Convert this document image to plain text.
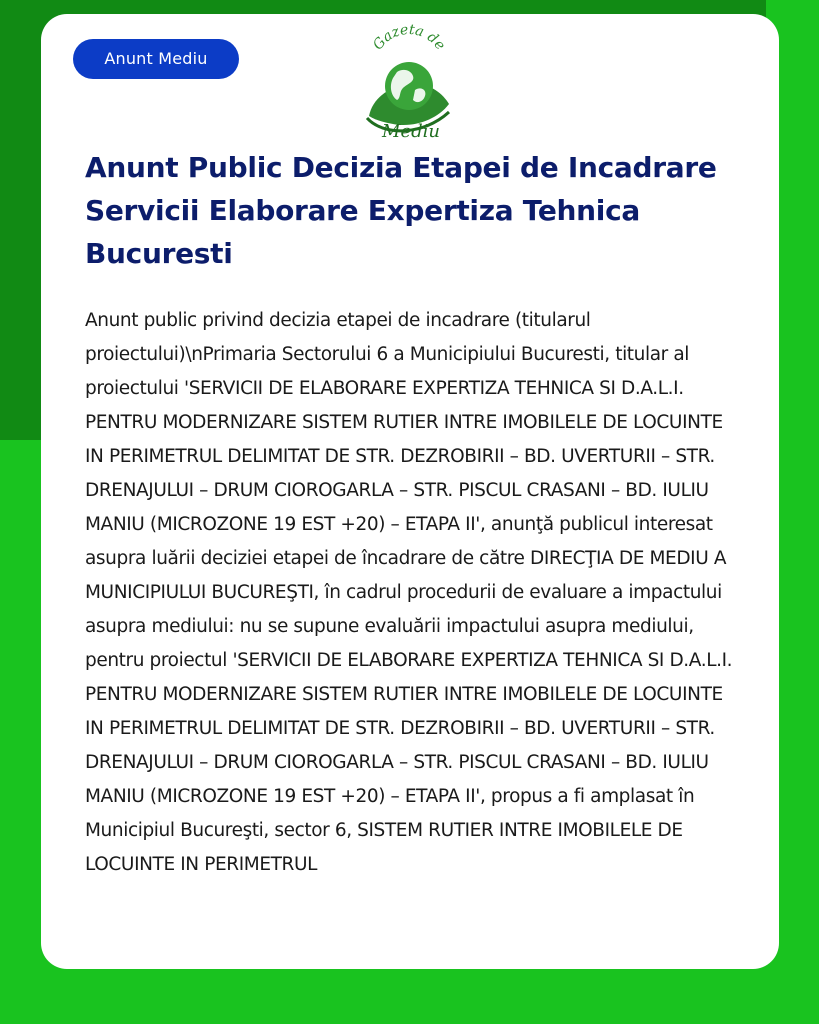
Anunt Mediu
Gazeta de
Mediu
Anunt Public Decizia Etapei de Incadrare Servicii Elaborare Expertiza Tehnica Bucuresti

Anunt public privind decizia etapei de incadrare (titularul proiectului)\nPrimaria Sectorului 6 a Municipiului Bucuresti, titular al proiectului 'SERVICII DE ELABORARE EXPERTIZA TEHNICA SI D.A.L.I. PENTRU MODERNIZARE SISTEM RUTIER INTRE IMOBILELE DE LOCUINTE IN PERIMETRUL DELIMITAT DE STR. DEZROBIRII – BD. UVERTURII – STR. DRENAJULUI – DRUM CIOROGARLA – STR. PISCUL CRASANI – BD. IULIU MANIU (MICROZONE 19 EST +20) – ETAPA II', anunţă publicul interesat asupra luării deciziei etapei de încadrare de către DIRECŢIA DE MEDIU A MUNICIPIULUI BUCUREŞTI, în cadrul procedurii de evaluare a impactului asupra mediului: nu se supune evaluării impactului asupra mediului, pentru proiectul 'SERVICII DE ELABORARE EXPERTIZA TEHNICA SI D.A.L.I. PENTRU MODERNIZARE SISTEM RUTIER INTRE IMOBILELE DE LOCUINTE IN PERIMETRUL DELIMITAT DE STR. DEZROBIRII – BD. UVERTURII – STR. DRENAJULUI – DRUM CIOROGARLA – STR. PISCUL CRASANI – BD. IULIU MANIU (MICROZONE 19 EST +20) – ETAPA II', propus a fi amplasat în Municipiul Bucureşti, sector 6, SISTEM RUTIER INTRE IMOBILELE DE LOCUINTE IN PERIMETRUL
